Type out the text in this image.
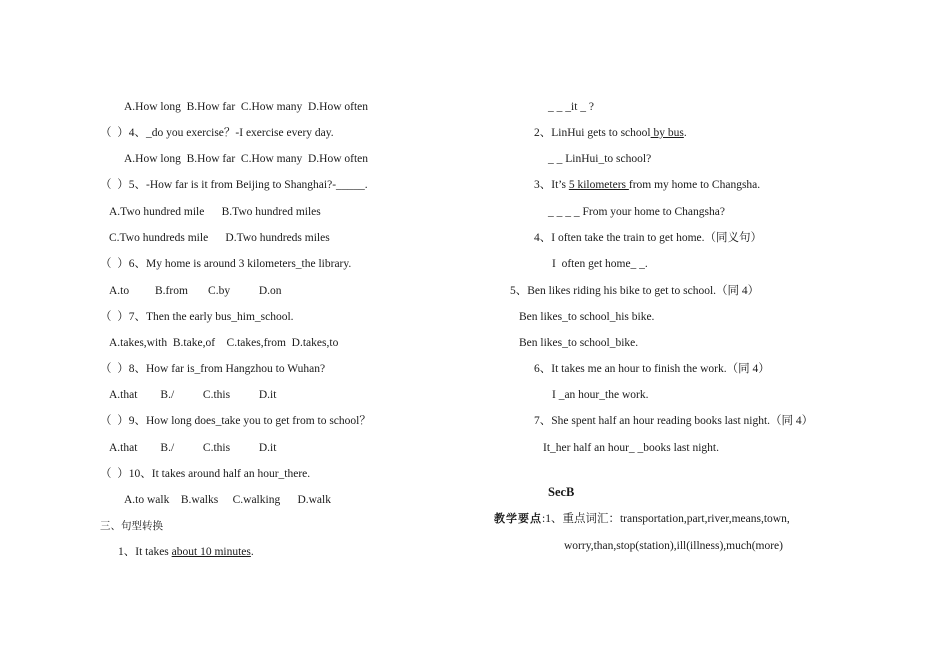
A.How long  B.How far  C.How many  D.How often
（  ）4、_do you exercise？-I exercise every day.
A.How long  B.How far  C.How many  D.How often
（  ）5、-How far is it from Beijing to Shanghai?-_____.
A.Two hundred mile      B.Two hundred miles
C.Two hundreds mile      D.Two hundreds miles
（  ）6、My home is around 3 kilometers_the library.
A.to         B.from       C.by          D.on
（  ）7、Then the early bus_him_school.
A.takes,with  B.take,of    C.takes,from  D.takes,to
（  ）8、How far is_from Hangzhou to Wuhan?
A.that        B./          C.this          D.it
（  ）9、How long does_take you to get from to school？
A.that        B./          C.this          D.it
（  ）10、It takes around half an hour_there.
A.to walk    B.walks     C.walking      D.walk
三、句型转换
1、It takes about 10 minutes.
_ _ _it _ ?
2、LinHui gets to school by bus.
_ _ LinHui_to school?
3、It’s 5 kilometers from my home to Changsha.
_ _ _ _ From your home to Changsha?
4、I often take the train to get home.（同义句）
I  often get home_ _.
5、Ben likes riding his bike to get to school.（同 4）
Ben likes_to school_his bike.
Ben likes_to school_bike.
6、It takes me an hour to finish the work.（同 4）
I _an hour_the work.
7、She spent half an hour reading books last night.（同 4）
It_her half an hour_ _books last night.
SecB
教学要点:1、重点词汇：transportation,part,river,means,town,
worry,than,stop(station),ill(illness),much(more)
